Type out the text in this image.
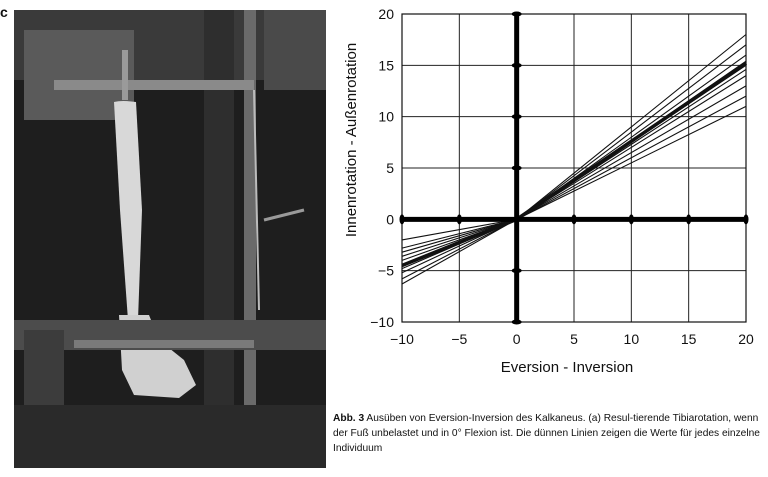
c
−10	−5	0	5	10	15	20
−10
−5
0
5
10
15
20
Eversion - Inversion
Innenrotation - Außenrotation
Abb. 3 Ausüben von Eversion-Inversion des Kalkaneus. (a) Resul-tierende Tibiarotation, wenn der Fuß unbelastet und in 0° Flexion ist. Die dünnen Linien zeigen die Werte für jedes einzelne Individuum
